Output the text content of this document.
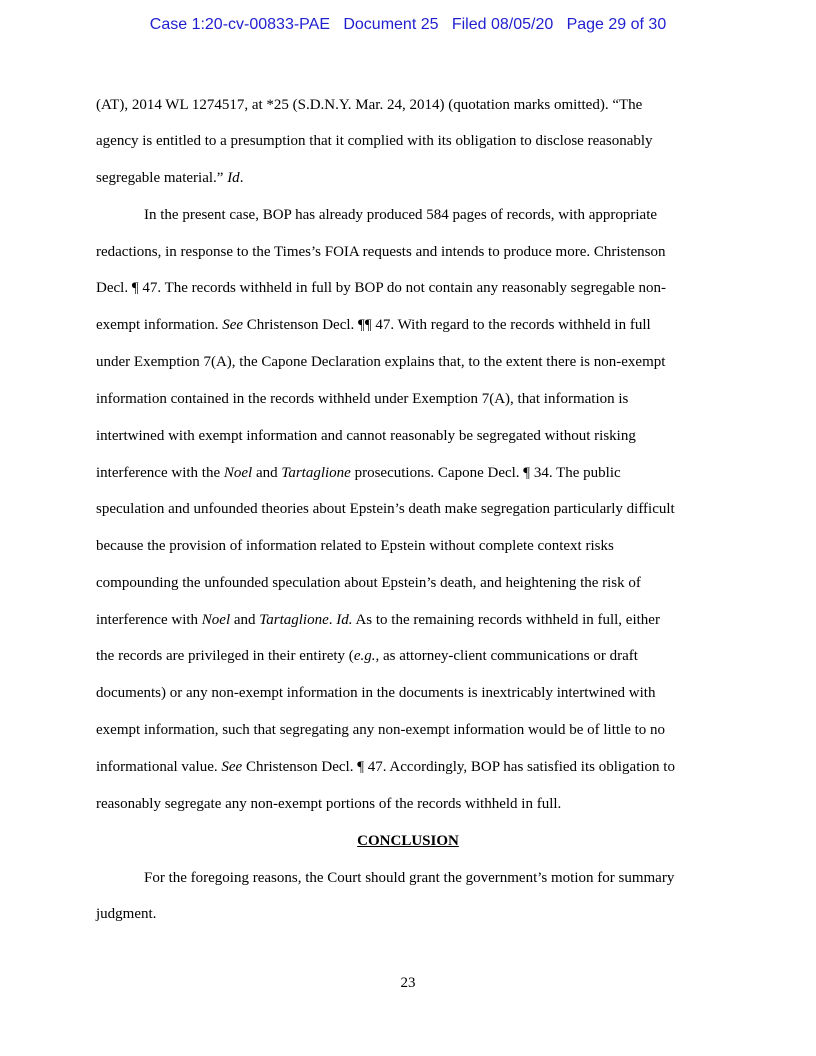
Case 1:20-cv-00833-PAE   Document 25   Filed 08/05/20   Page 29 of 30
(AT), 2014 WL 1274517, at *25 (S.D.N.Y. Mar. 24, 2014) (quotation marks omitted). “The
agency is entitled to a presumption that it complied with its obligation to disclose reasonably
segregable material.” Id.
In the present case, BOP has already produced 584 pages of records, with appropriate
redactions, in response to the Times’s FOIA requests and intends to produce more. Christenson
Decl. ¶ 47. The records withheld in full by BOP do not contain any reasonably segregable non-
exempt information. See Christenson Decl. ¶¶ 47. With regard to the records withheld in full
under Exemption 7(A), the Capone Declaration explains that, to the extent there is non-exempt
information contained in the records withheld under Exemption 7(A), that information is
intertwined with exempt information and cannot reasonably be segregated without risking
interference with the Noel and Tartaglione prosecutions. Capone Decl. ¶ 34. The public
speculation and unfounded theories about Epstein’s death make segregation particularly difficult
because the provision of information related to Epstein without complete context risks
compounding the unfounded speculation about Epstein’s death, and heightening the risk of
interference with Noel and Tartaglione. Id. As to the remaining records withheld in full, either
the records are privileged in their entirety (e.g., as attorney-client communications or draft
documents) or any non-exempt information in the documents is inextricably intertwined with
exempt information, such that segregating any non-exempt information would be of little to no
informational value. See Christenson Decl. ¶ 47. Accordingly, BOP has satisfied its obligation to
reasonably segregate any non-exempt portions of the records withheld in full.
CONCLUSION
For the foregoing reasons, the Court should grant the government’s motion for summary
judgment.
23
